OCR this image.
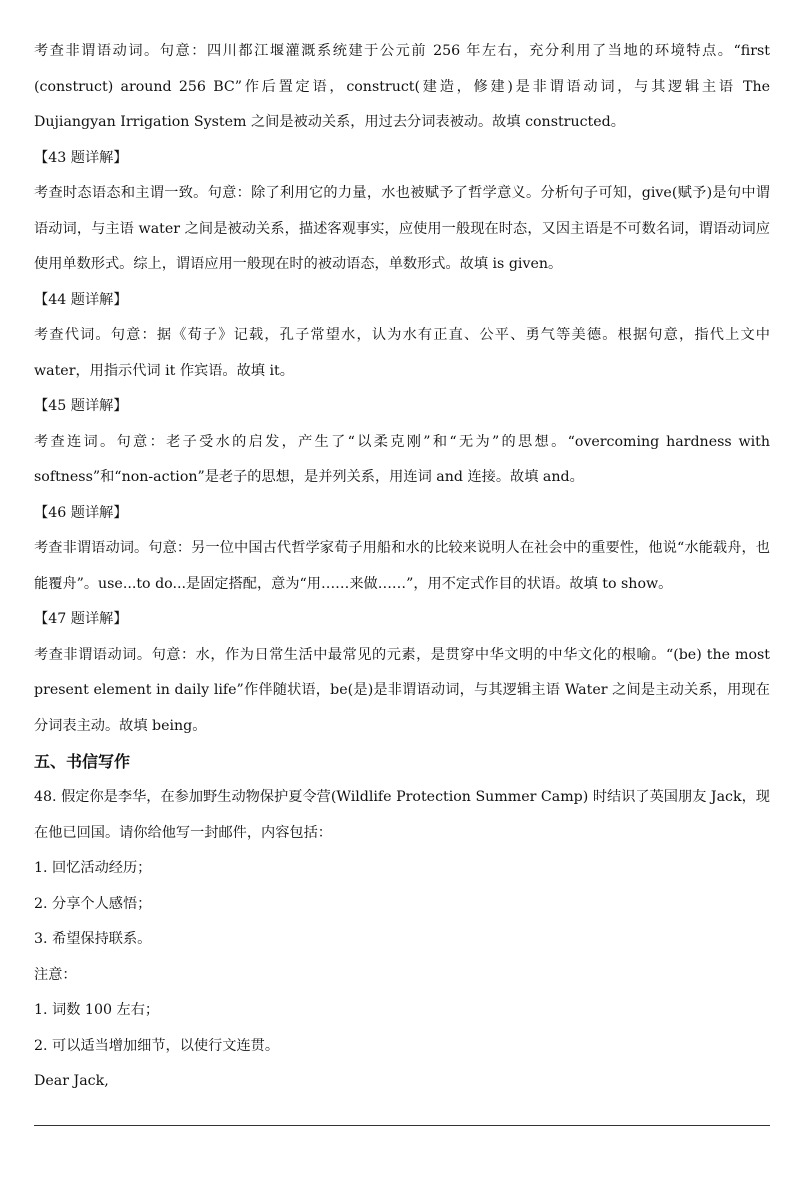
考查非谓语动词。句意：四川都江堰灌溉系统建于公元前 256 年左右，充分利用了当地的环境特点。“first (construct) around 256 BC”作后置定语，construct(建造，修建)是非谓语动词，与其逻辑主语 The Dujiangyan Irrigation System 之间是被动关系，用过去分词表被动。故填 constructed。

【43 题详解】

考查时态语态和主谓一致。句意：除了利用它的力量，水也被赋予了哲学意义。分析句子可知，give(赋予)是句中谓语动词，与主语 water 之间是被动关系，描述客观事实，应使用一般现在时态，又因主语是不可数名词，谓语动词应使用单数形式。综上，谓语应用一般现在时的被动语态，单数形式。故填 is given。

【44 题详解】

考查代词。句意：据《荀子》记载，孔子常望水，认为水有正直、公平、勇气等美德。根据句意，指代上文中 water，用指示代词 it 作宾语。故填 it。

【45 题详解】

考查连词。句意：老子受水的启发，产生了“以柔克刚”和“无为”的思想。“overcoming hardness with softness”和“non-action”是老子的思想，是并列关系，用连词 and 连接。故填 and。

【46 题详解】

考查非谓语动词。句意：另一位中国古代哲学家荀子用船和水的比较来说明人在社会中的重要性，他说“水能载舟，也能覆舟”。use...to do...是固定搭配，意为“用……来做……”，用不定式作目的状语。故填 to show。

【47 题详解】

考查非谓语动词。句意：水，作为日常生活中最常见的元素，是贯穿中华文明的中华文化的根喻。“(be) the most present element in daily life”作伴随状语，be(是)是非谓语动词，与其逻辑主语 Water 之间是主动关系，用现在分词表主动。故填 being。

五、书信写作

48. 假定你是李华，在参加野生动物保护夏令营(Wildlife Protection Summer Camp) 时结识了英国朋友 Jack，现在他已回国。请你给他写一封邮件，内容包括：

1. 回忆活动经历；

2. 分享个人感悟；

3. 希望保持联系。

注意：

1. 词数 100 左右；

2. 可以适当增加细节，以使行文连贯。

Dear Jack,
